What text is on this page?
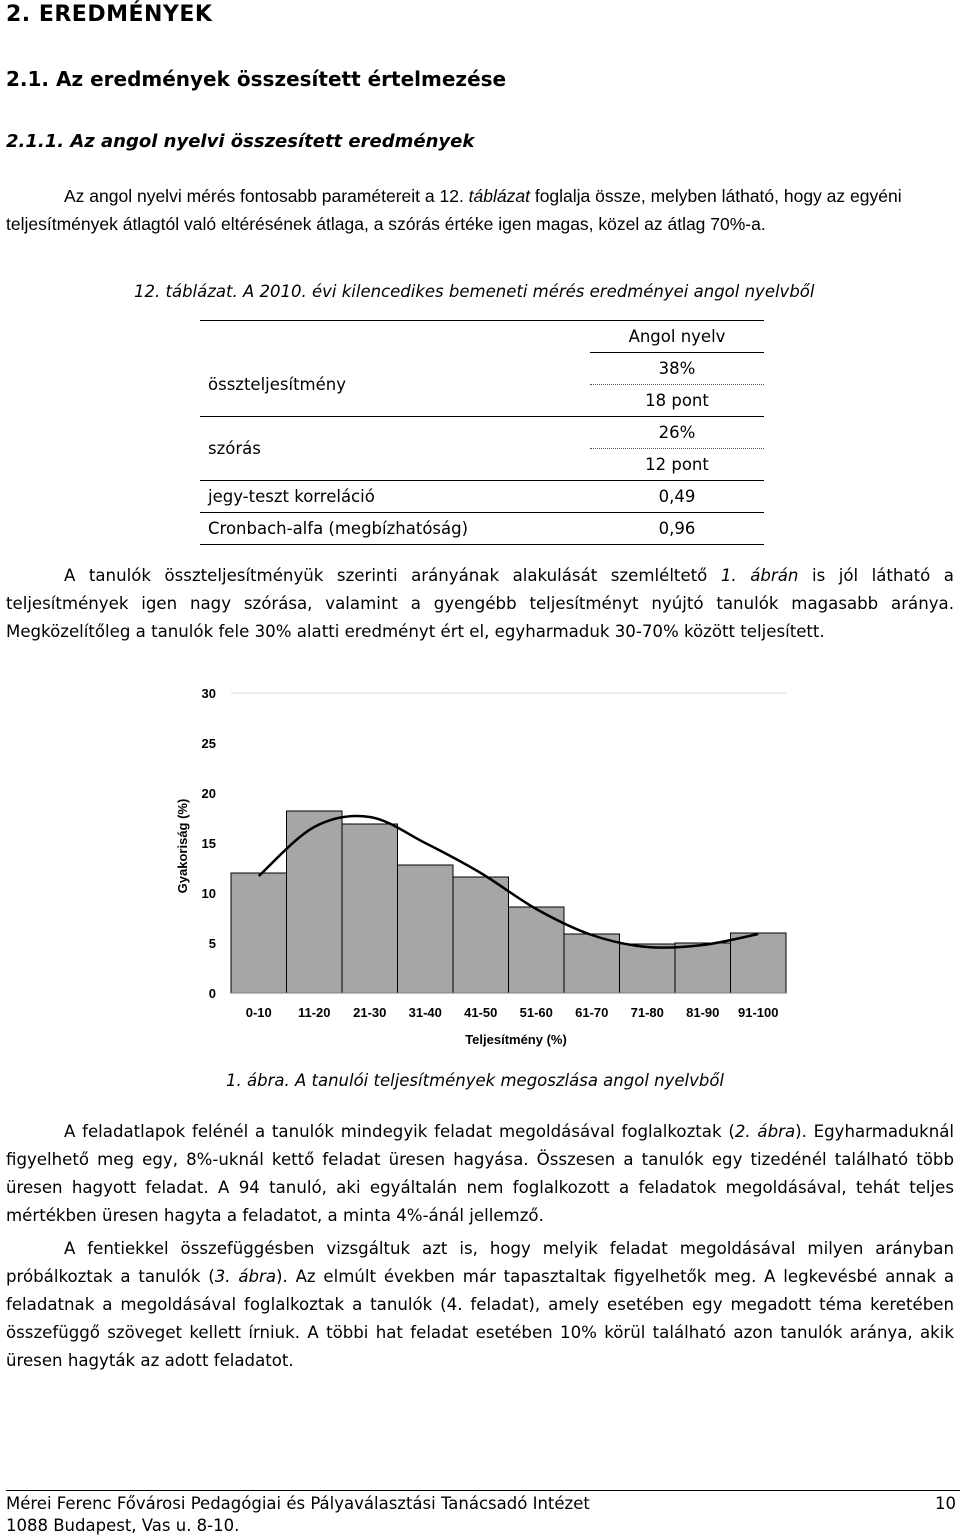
2. EREDMÉNYEK
2.1. Az eredmények összesített értelmezése
2.1.1. Az angol nyelvi összesített eredmények
Az angol nyelvi mérés fontosabb paramétereit a 12. táblázat foglalja össze, melyben látható, hogy az egyéni teljesítmények átlagtól való eltérésének átlaga, a szórás értéke igen magas, közel az átlag 70%-a.
12. táblázat. A 2010. évi kilencedikes bemeneti mérés eredményei angol nyelvből
	Angol nyelv
összteljesítmény	38%
	18 pont
szórás	26%
	12 pont
jegy-teszt korreláció	0,49
Cronbach-alfa (megbízhatóság)	0,96
A tanulók összteljesítményük szerinti arányának alakulását szemléltető 1. ábrán is jól látható a teljesítmények igen nagy szórása, valamint a gyengébb teljesítményt nyújtó tanulók magasabb aránya. Megközelítőleg a tanulók fele 30% alatti eredményt ért el, egyharmaduk 30-70% között teljesített.
0
5
10
15
20
25
30
0-10 11-20 21-30 31-40 41-50 51-60 61-70 71-80 81-90 91-100
Gyakoriság (%)
Teljesítmény (%)
1. ábra. A tanulói teljesítmények megoszlása angol nyelvből
A feladatlapok felénél a tanulók mindegyik feladat megoldásával foglalkoztak (2. ábra). Egyharmaduknál figyelhető meg egy, 8%-uknál kettő feladat üresen hagyása. Összesen a tanulók egy tizedénél található több üresen hagyott feladat. A 94 tanuló, aki egyáltalán nem foglalkozott a feladatok megoldásával, tehát teljes mértékben üresen hagyta a feladatot, a minta 4%-ánál jellemző.
A fentiekkel összefüggésben vizsgáltuk azt is, hogy melyik feladat megoldásával milyen arányban próbálkoztak a tanulók (3. ábra). Az elmúlt években már tapasztaltak figyelhetők meg. A legkevésbé annak a feladatnak a megoldásával foglalkoztak a tanulók (4. feladat), amely esetében egy megadott téma keretében összefüggő szöveget kellett írniuk. A többi hat feladat esetében 10% körül található azon tanulók aránya, akik üresen hagyták az adott feladatot.
Mérei Ferenc Fővárosi Pedagógiai és Pályaválasztási Tanácsadó Intézet	10
1088 Budapest, Vas u. 8-10.
